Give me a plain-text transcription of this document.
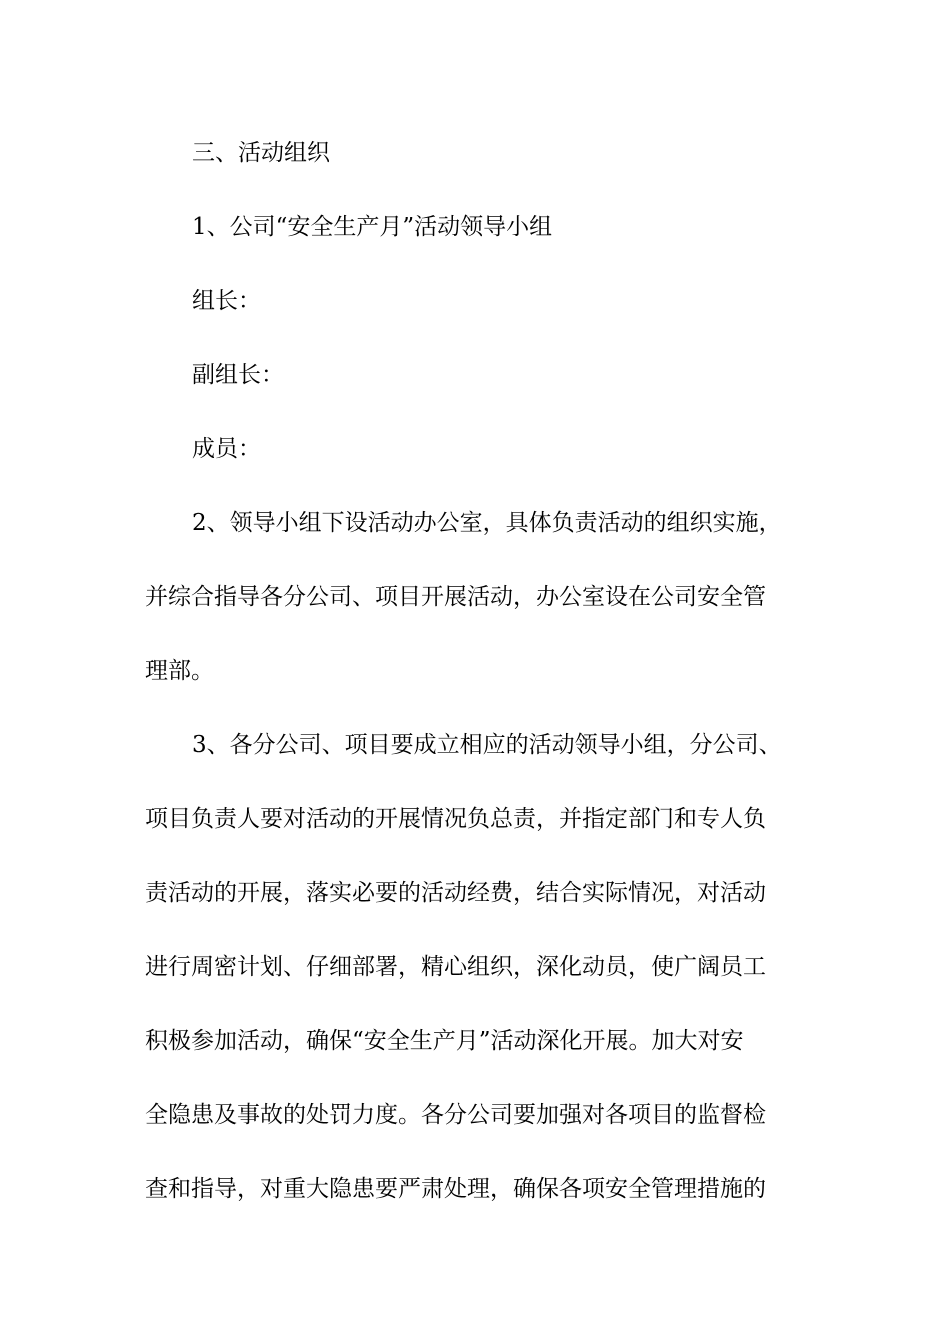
三、活动组织

1、公司“安全生产月”活动领导小组

组长：

副组长：

成员：

2、领导小组下设活动办公室，具体负责活动的组织实施，
并综合指导各分公司、项目开展活动，办公室设在公司安全管
理部。
3、各分公司、项目要成立相应的活动领导小组，分公司、
项目负责人要对活动的开展情况负总责，并指定部门和专人负
责活动的开展，落实必要的活动经费，结合实际情况，对活动
进行周密计划、仔细部署，精心组织，深化动员，使广阔员工
积极参加活动，确保“安全生产月”活动深化开展。加大对安
全隐患及事故的处罚力度。各分公司要加强对各项目的监督检
查和指导，对重大隐患要严肃处理，确保各项安全管理措施的
